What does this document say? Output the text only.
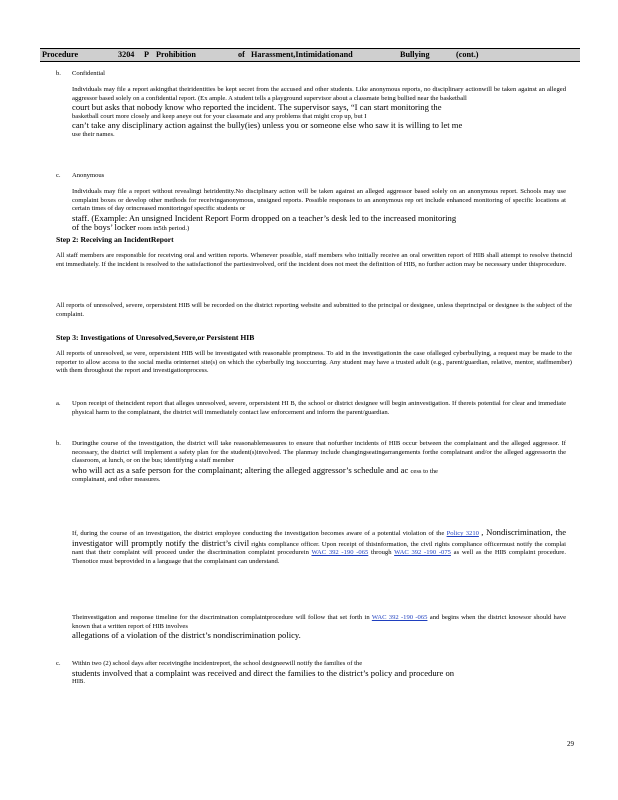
Procedure	3204 P Prohibition	of Harassment,Intimidationand	Bullying	(cont.)
b. Confidential

Individuals may file a report askingthat theiridentities be kept secret from the accused and other students. Like anonymous reports, no disciplinary actionwill be taken against an alleged aggressor based solely on a confidential report. (Ex ample. A student tells a playground supervisor about a classmate being bullied near the basketball

court but asks that nobody know who reported the incident. The supervisor says, “I can start monitoring the

basketball court more closely and keep aneye out for your classmate and any problems that might crop up, but I

can’t take any disciplinary action against the bully(ies) unless you or someone else who saw it is willing to let me

use their names.

c. Anonymous

Individuals may file a report without revealingt heiridentity.No disciplinary action will be taken against an alleged aggressor based solely on an anonymous report. Schools may use complaint boxes or develop other methods for receivinganonymous, unsigned reports. Possible responses to an anonymous rep ort include enhanced monitoring of specific locations at certain times of day orincreased monitoringof specific students or

staff. (Example: An unsigned Incident Report Form dropped on a teacher’s desk led to the increased monitoring

of the boys’ locker room in5th period.)

Step 2: Receiving an IncidentReport
All staff members are responsible for receiving oral and written reports. Whenever possible, staff members who initially receive an oral orwritten report of HIB shall attempt to resolve theincid ent immediately. If the incident is resolved to the satisfactionof the partiesinvolved, orif the incident does not meet the definition of HIB, no further action may be necessary under thisprocedure.
All reports of unresolved, severe, orpersistent HIB will be recorded on the district reporting website and submitted to the principal or designee, unless theprincipal or designee is the subject of the complaint.
Step 3: Investigations of Unresolved,Severe,or Persistent HIB
All reports of unresolved, se vere, orpersistent HIB will be investigated with reasonable promptness. To aid in the investigationin the case ofalleged cyberbullying, a request may be made to the reporter to allow access to the social media orinternet site(s) on which the cyberbully ing isoccurring. Any student may have a trusted adult (e.g., parent/guardian, relative, mentor, staffmember) with them throughout the report and investigationprocess.
a. Upon receipt of theincident report that alleges unresolved, severe, orpersistent HI B, the school or district designee will begin aninvestigation. If thereis potential for clear and immediate physical harm to the complainant, the district will immediately contact law enforcement and inform the parent/guardian.
b. Duringthe course of the investigation, the district will take reasonablemeasures to ensure that nofurther incidents of HIB occur between the complainant and the alleged aggressor. If necessary, the district will implement a safety plan for the student(s)involved. The planmay include changingseatingarrangements forthe complainant and/or the alleged aggressorin the classroom, at lunch, or on the bus; identifying a staff member

who will act as a safe person for the complainant; altering the alleged aggressor’s schedule and ac cess to the

complainant, and other measures.

If, during the course of an investigation, the district employee conducting the investigation becomes aware of a potential violation of the Policy 3210 , Nondiscrimination, the investigator will promptly notify the district’s civil rights compliance officer. Upon receipt of thisinformation, the civil rights compliance officermust notify the complai nant that their complaint will proceed under the discrimination complaint procedurein WAC 392 -190 -065 through WAC 392 -190 -075 as well as the HIB complaint procedure. Thenotice must beprovided in a language that the complainant can understand.
Theinvestigation and response timeline for the discrimination complaintprocedure will follow that set forth in WAC 392 -190 -065 and begins when the district knowsor should have known that a written report of HIB involves

allegations of a violation of the district’s nondiscrimination policy.

c. Within two (2) school days after receivingthe incidentreport, the school designeewill notify the families of the

students involved that a complaint was received and direct the families to the district’s policy and procedure on

HIB.

29
